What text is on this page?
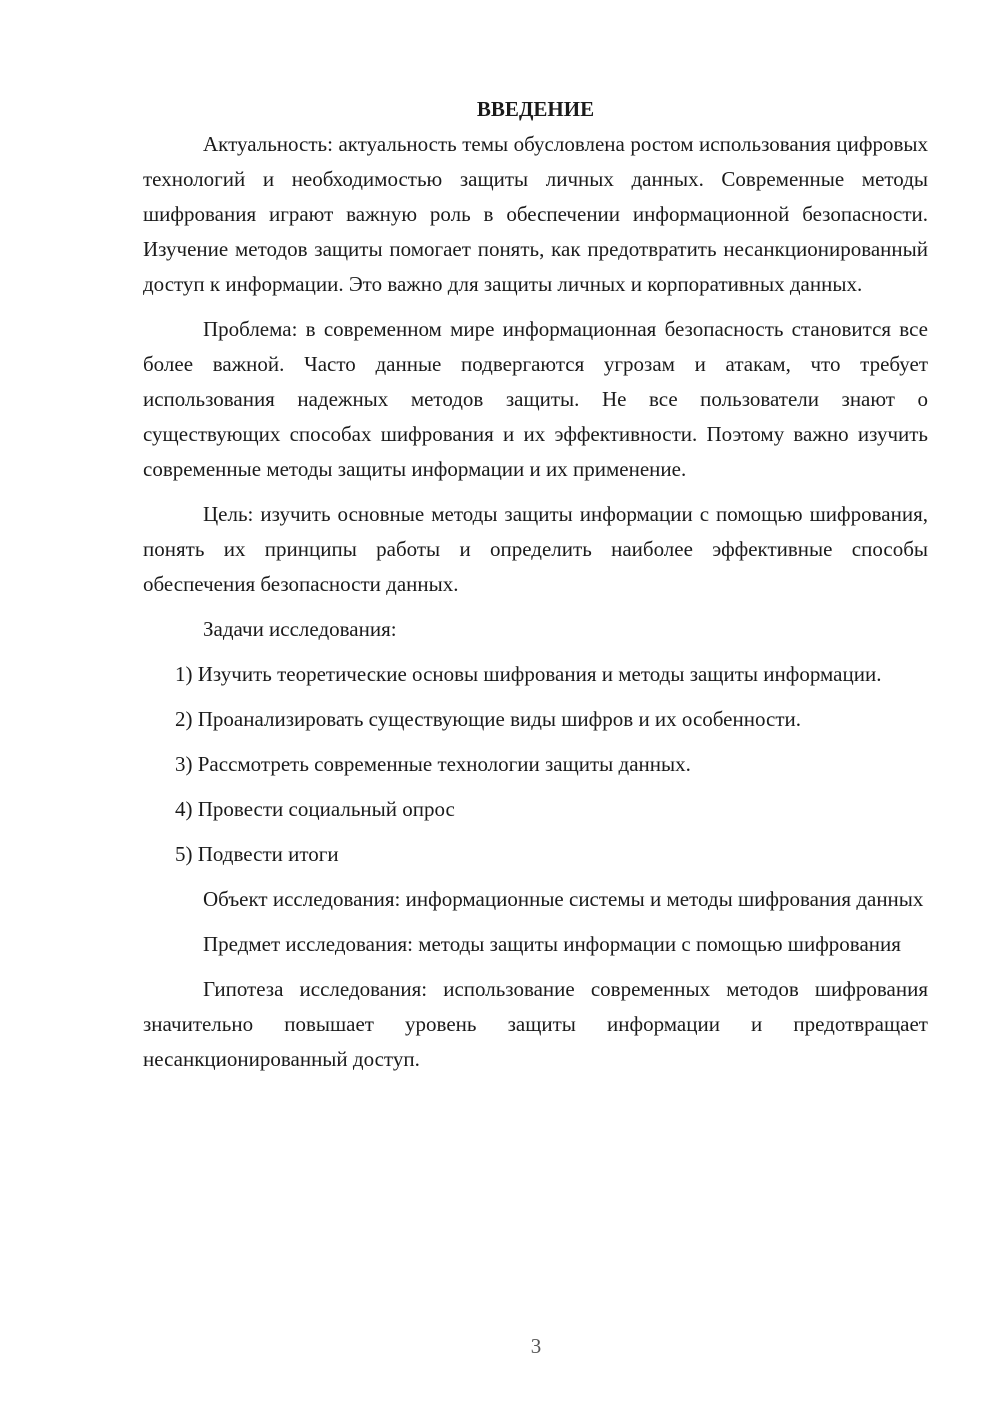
ВВЕДЕНИЕ

Актуальность: актуальность темы обусловлена ростом использования цифровых технологий и необходимостью защиты личных данных. Современные методы шифрования играют важную роль в обеспечении информационной безопасности. Изучение методов защиты помогает понять, как предотвратить несанкционированный доступ к информации. Это важно для защиты личных и корпоративных данных.

Проблема: в современном мире информационная безопасность становится все более важной. Часто данные подвергаются угрозам и атакам, что требует использования надежных методов защиты. Не все пользователи знают о существующих способах шифрования и их эффективности. Поэтому важно изучить современные методы защиты информации и их применение.

Цель: изучить основные методы защиты информации с помощью шифрования, понять их принципы работы и определить наиболее эффективные способы обеспечения безопасности данных.

Задачи исследования:

1) Изучить теоретические основы шифрования и методы защиты информации.

2) Проанализировать существующие виды шифров и их особенности.

3) Рассмотреть современные технологии защиты данных.

4) Провести социальный опрос

5) Подвести итоги

Объект исследования: информационные системы и методы шифрования данных

Предмет исследования: методы защиты информации с помощью шифрования

Гипотеза исследования: использование современных методов шифрования значительно повышает уровень защиты информации и предотвращает несанкционированный доступ.

3
